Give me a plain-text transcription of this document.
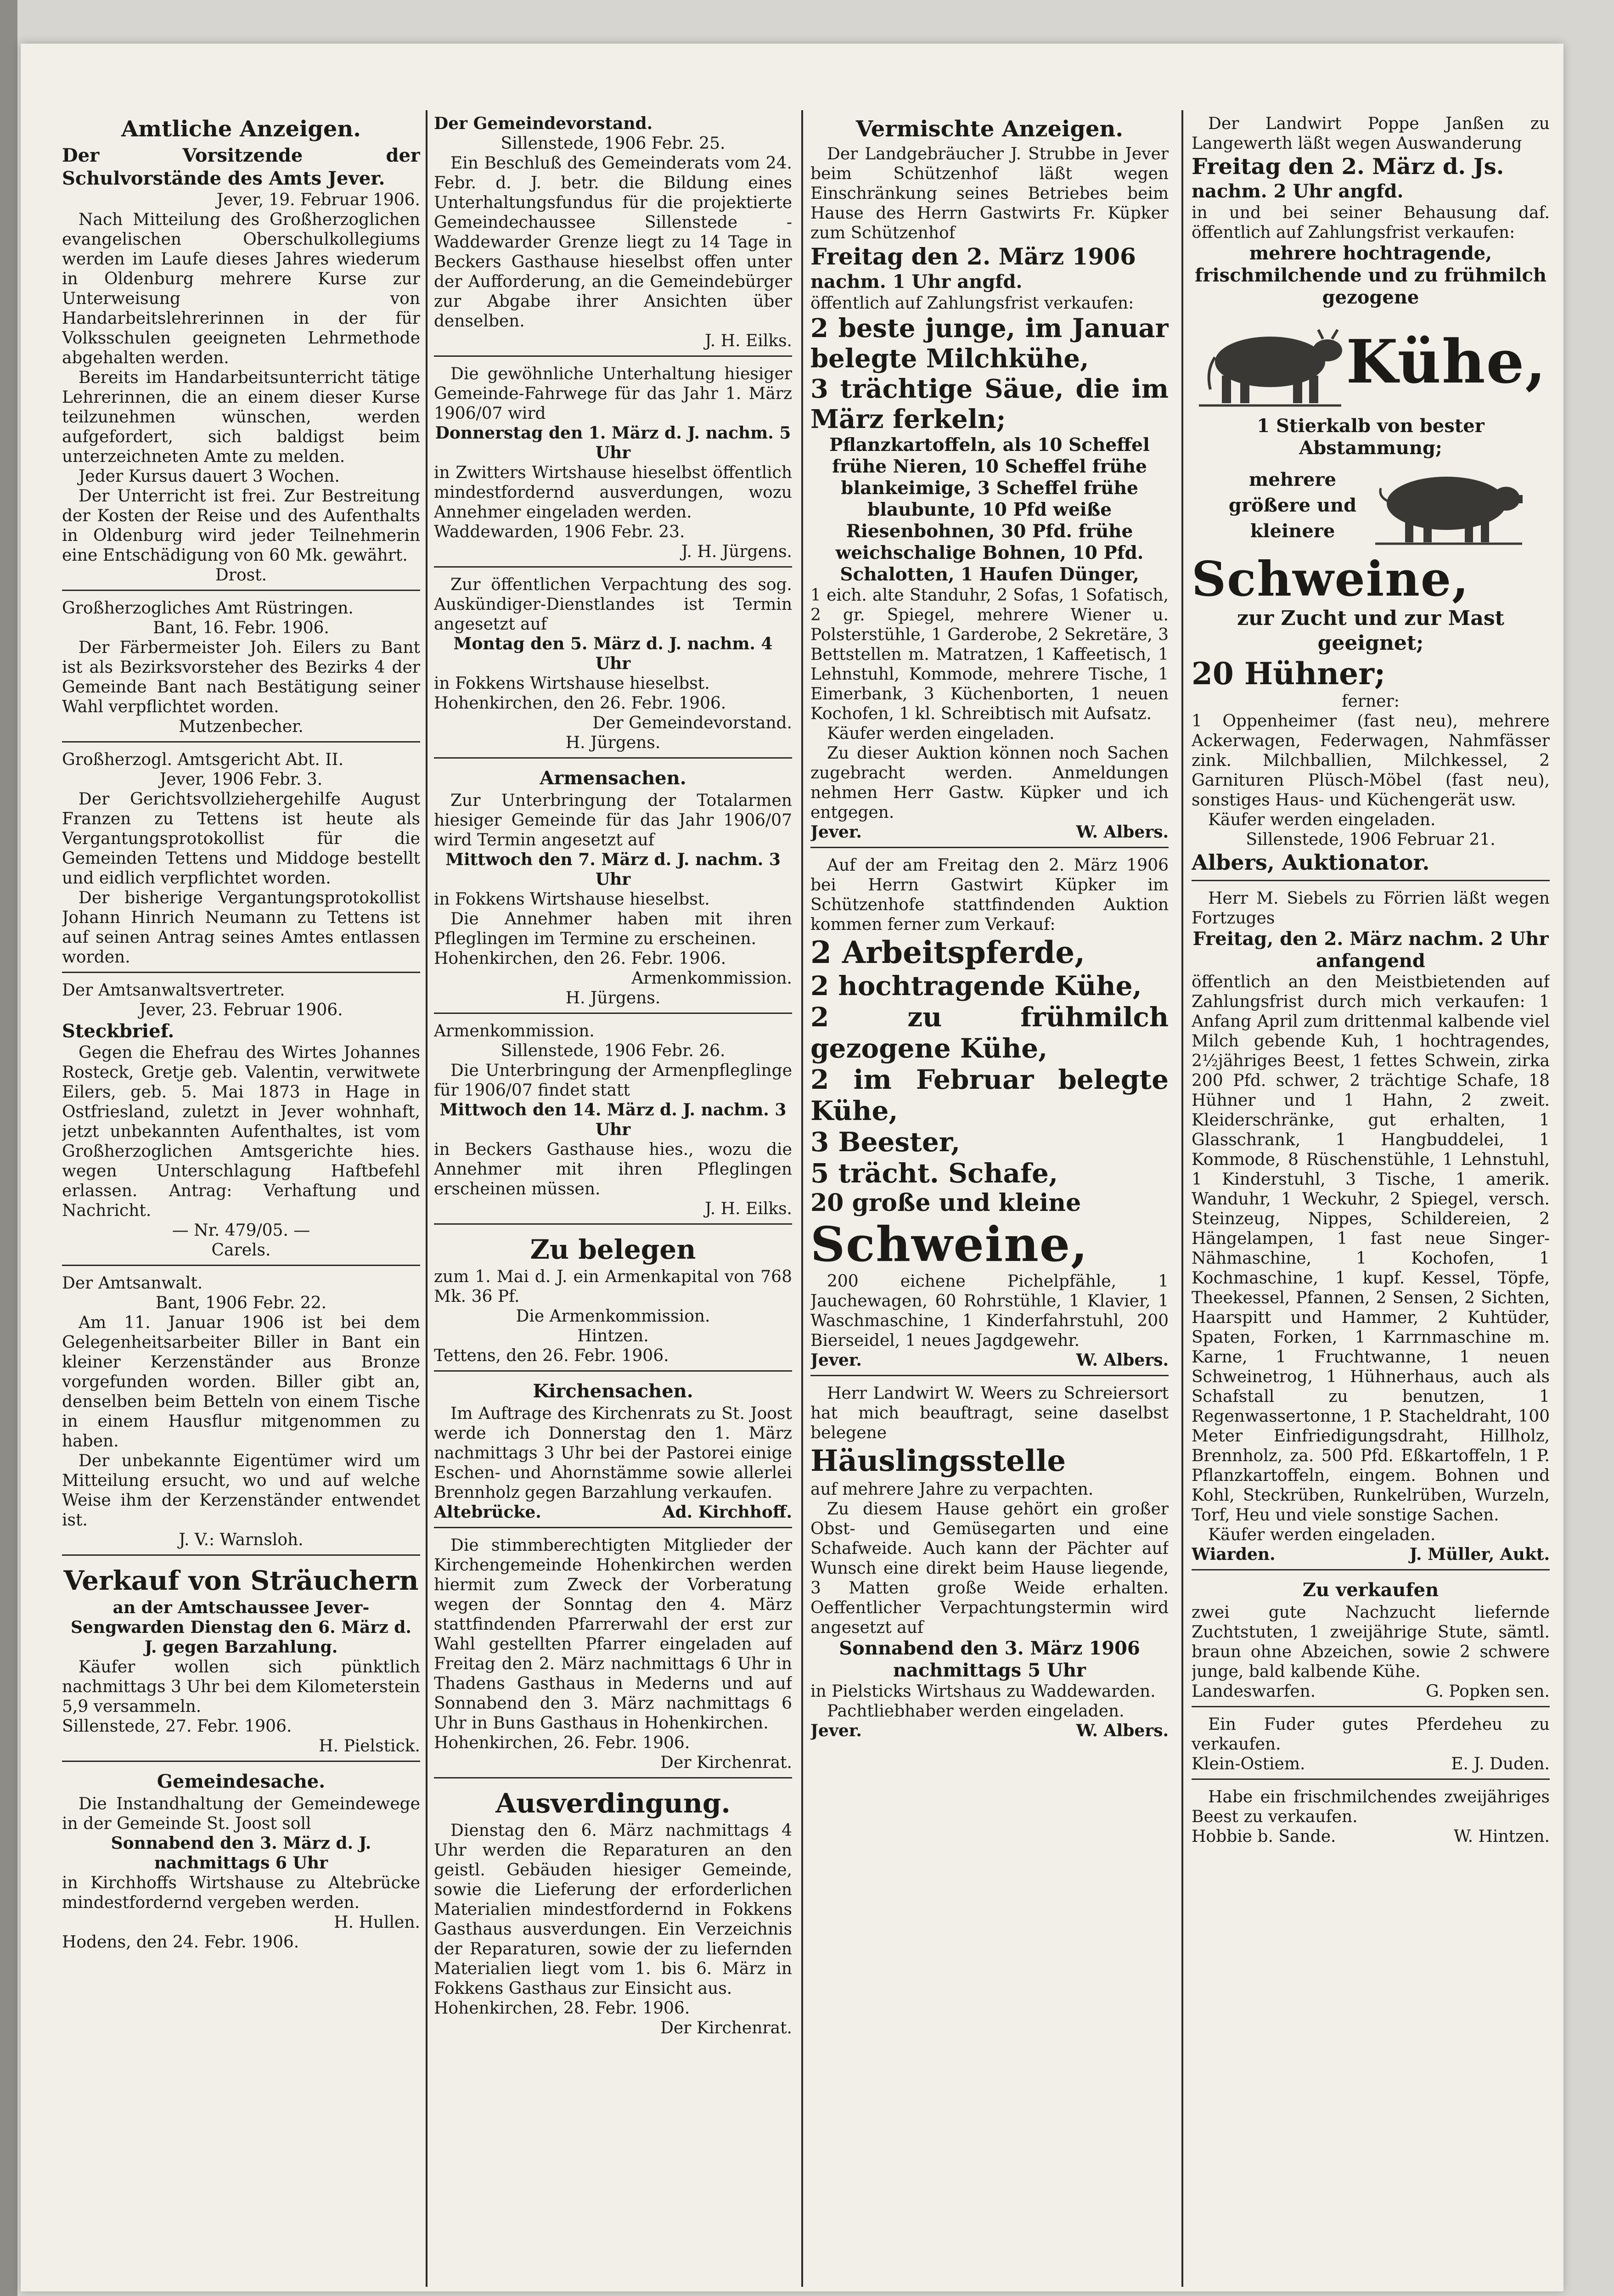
Amtliche Anzeigen.

Der Vorsitzende der Schulvorstände des Amts Jever.

Jever, 19. Februar 1906.

Nach Mitteilung des Großherzoglichen evangelischen Oberschulkollegiums werden im Laufe dieses Jahres wiederum in Oldenburg mehrere Kurse zur Unterweisung von Handarbeitslehrerinnen in der für Volksschulen geeigneten Lehrmethode abgehalten werden.

Bereits im Handarbeitsunterricht tätige Lehrerinnen, die an einem dieser Kurse teilzunehmen wünschen, werden aufgefordert, sich baldigst beim unterzeichneten Amte zu melden.

Jeder Kursus dauert 3 Wochen.

Der Unterricht ist frei. Zur Bestreitung der Kosten der Reise und des Aufenthalts in Oldenburg wird jeder Teilnehmerin eine Entschädigung von 60 Mk. gewährt.

Drost.

Großherzogliches Amt Rüstringen.

Bant, 16. Febr. 1906.

Der Färbermeister Joh. Eilers zu Bant ist als Bezirksvorsteher des Bezirks 4 der Gemeinde Bant nach Bestätigung seiner Wahl verpflichtet worden.

Mutzenbecher.

Großherzogl. Amtsgericht Abt. II.

Jever, 1906 Febr. 3.

Der Gerichtsvollziehergehilfe August Franzen zu Tettens ist heute als Vergantungsprotokollist für die Gemeinden Tettens und Middoge bestellt und eidlich verpflichtet worden.

Der bisherige Vergantungsprotokollist Johann Hinrich Neumann zu Tettens ist auf seinen Antrag seines Amtes entlassen worden.

Der Amtsanwaltsvertreter.

Jever, 23. Februar 1906.

Steckbrief.

Gegen die Ehefrau des Wirtes Johannes Rosteck, Gretje geb. Valentin, verwitwete Eilers, geb. 5. Mai 1873 in Hage in Ostfriesland, zuletzt in Jever wohnhaft, jetzt unbekannten Aufenthaltes, ist vom Großherzoglichen Amtsgerichte hies. wegen Unterschlagung Haftbefehl erlassen. Antrag: Verhaftung und Nachricht.

— Nr. 479/05. —

Carels.

Der Amtsanwalt.

Bant, 1906 Febr. 22.

Am 11. Januar 1906 ist bei dem Gelegenheitsarbeiter Biller in Bant ein kleiner Kerzenständer aus Bronze vorgefunden worden. Biller gibt an, denselben beim Betteln von einem Tische in einem Hausflur mitgenommen zu haben.

Der unbekannte Eigentümer wird um Mitteilung ersucht, wo und auf welche Weise ihm der Kerzenständer entwendet ist.

J. V.: Warnsloh.

Verkauf von Sträuchern

an der Amtschaussee Jever-Sengwarden Dienstag den 6. März d. J. gegen Barzahlung.

Käufer wollen sich pünktlich nachmittags 3 Uhr bei dem Kilometerstein 5,9 versammeln.

Sillenstede, 27. Febr. 1906.

H. Pielstick.

Gemeindesache.

Die Instandhaltung der Gemeindewege in der Gemeinde St. Joost soll

Sonnabend den 3. März d. J. nachmittags 6 Uhr

in Kirchhoffs Wirtshause zu Altebrücke mindestfordernd vergeben werden.

H. Hullen.

Hodens, den 24. Febr. 1906.

Der Gemeindevorstand.

Sillenstede, 1906 Febr. 25.

Ein Beschluß des Gemeinderats vom 24. Febr. d. J. betr. die Bildung eines Unterhaltungsfundus für die projektierte Gemeindechaussee Sillenstede - Waddewarder Grenze liegt zu 14 Tage in Beckers Gasthause hieselbst offen unter der Aufforderung, an die Gemeindebürger zur Abgabe ihrer Ansichten über denselben.

J. H. Eilks.

Die gewöhnliche Unterhaltung hiesiger Gemeinde-Fahrwege für das Jahr 1. März 1906/07 wird

Donnerstag den 1. März d. J. nachm. 5 Uhr

in Zwitters Wirtshause hieselbst öffentlich mindestfordernd ausverdungen, wozu Annehmer eingeladen werden.

Waddewarden, 1906 Febr. 23.

J. H. Jürgens.

Zur öffentlichen Verpachtung des sog. Auskündiger-Dienstlandes ist Termin angesetzt auf

Montag den 5. März d. J. nachm. 4 Uhr

in Fokkens Wirtshause hieselbst.

Hohenkirchen, den 26. Febr. 1906.

Der Gemeindevorstand.

H. Jürgens.

Armensachen.

Zur Unterbringung der Totalarmen hiesiger Gemeinde für das Jahr 1906/07 wird Termin angesetzt auf

Mittwoch den 7. März d. J. nachm. 3 Uhr

in Fokkens Wirtshause hieselbst.

Die Annehmer haben mit ihren Pfleglingen im Termine zu erscheinen.

Hohenkirchen, den 26. Febr. 1906.

Armenkommission.

H. Jürgens.

Armenkommission.

Sillenstede, 1906 Febr. 26.

Die Unterbringung der Armenpfleglinge für 1906/07 findet statt

Mittwoch den 14. März d. J. nachm. 3 Uhr

in Beckers Gasthause hies., wozu die Annehmer mit ihren Pfleglingen erscheinen müssen.

J. H. Eilks.

Zu belegen

zum 1. Mai d. J. ein Armenkapital von 768 Mk. 36 Pf.

Die Armenkommission.

Hintzen.

Tettens, den 26. Febr. 1906.

Kirchensachen.

Im Auftrage des Kirchenrats zu St. Joost werde ich Donnerstag den 1. März nachmittags 3 Uhr bei der Pastorei einige Eschen- und Ahornstämme sowie allerlei Brennholz gegen Barzahlung verkaufen.

Altebrücke.	Ad. Kirchhoff.

Die stimmberechtigten Mitglieder der Kirchengemeinde Hohenkirchen werden hiermit zum Zweck der Vorberatung wegen der Sonntag den 4. März stattfindenden Pfarrerwahl der erst zur Wahl gestellten Pfarrer eingeladen auf Freitag den 2. März nachmittags 6 Uhr in Thadens Gasthaus in Mederns und auf Sonnabend den 3. März nachmittags 6 Uhr in Buns Gasthaus in Hohenkirchen.

Hohenkirchen, 26. Febr. 1906.

Der Kirchenrat.

Ausverdingung.

Dienstag den 6. März nachmittags 4 Uhr werden die Reparaturen an den geistl. Gebäuden hiesiger Gemeinde, sowie die Lieferung der erforderlichen Materialien mindestfordernd in Fokkens Gasthaus ausverdungen. Ein Verzeichnis der Reparaturen, sowie der zu liefernden Materialien liegt vom 1. bis 6. März in Fokkens Gasthaus zur Einsicht aus.

Hohenkirchen, 28. Febr. 1906.

Der Kirchenrat.

Vermischte Anzeigen.

Der Landgebräucher J. Strubbe in Jever beim Schützenhof läßt wegen Einschränkung seines Betriebes beim Hause des Herrn Gastwirts Fr. Küpker zum Schützenhof

Freitag den 2. März 1906

nachm. 1 Uhr angfd.

öffentlich auf Zahlungsfrist verkaufen:

2 beste junge, im Januar belegte Milchkühe,

3 trächtige Säue, die im März ferkeln;

Pflanzkartoffeln, als 10 Scheffel frühe Nieren, 10 Scheffel frühe blankeimige, 3 Scheffel frühe blaubunte, 10 Pfd weiße Riesenbohnen, 30 Pfd. frühe weichschalige Bohnen, 10 Pfd. Schalotten, 1 Haufen Dünger,

1 eich. alte Standuhr, 2 Sofas, 1 Sofatisch, 2 gr. Spiegel, mehrere Wiener u. Polsterstühle, 1 Garderobe, 2 Sekretäre, 3 Bettstellen m. Matratzen, 1 Kaffeetisch, 1 Lehnstuhl, Kommode, mehrere Tische, 1 Eimerbank, 3 Küchenborten, 1 neuen Kochofen, 1 kl. Schreibtisch mit Aufsatz.

Käufer werden eingeladen.

Zu dieser Auktion können noch Sachen zugebracht werden. Anmeldungen nehmen Herr Gastw. Küpker und ich entgegen.

Jever.	W. Albers.

Auf der am Freitag den 2. März 1906 bei Herrn Gastwirt Küpker im Schützenhofe stattfindenden Auktion kommen ferner zum Verkauf:

2 Arbeitspferde,

2 hochtragende Kühe,

2 zu frühmilch gezogene Kühe,

2 im Februar belegte Kühe,

3 Beester,

5 trächt. Schafe,

20 große und kleine

Schweine,

200 eichene Pichelpfähle, 1 Jauchewagen, 60 Rohrstühle, 1 Klavier, 1 Waschmaschine, 1 Kinderfahrstuhl, 200 Bierseidel, 1 neues Jagdgewehr.

Jever.	W. Albers.

Herr Landwirt W. Weers zu Schreiersort hat mich beauftragt, seine daselbst belegene

Häuslingsstelle

auf mehrere Jahre zu verpachten.

Zu diesem Hause gehört ein großer Obst- und Gemüsegarten und eine Schafweide. Auch kann der Pächter auf Wunsch eine direkt beim Hause liegende, 3 Matten große Weide erhalten. Oeffentlicher Verpachtungstermin wird angesetzt auf

Sonnabend den 3. März 1906 nachmittags 5 Uhr

in Pielsticks Wirtshaus zu Waddewarden.

Pachtliebhaber werden eingeladen.

Jever.	W. Albers.

Der Landwirt Poppe Janßen zu Langewerth läßt wegen Auswanderung

Freitag den 2. März d. Js.

nachm. 2 Uhr angfd.

in und bei seiner Behausung daf. öffentlich auf Zahlungsfrist verkaufen:

mehrere hochtragende, frischmilchende und zu frühmilch gezogene

Kühe,

1 Stierkalb von bester Abstammung;

mehrere größere und kleinere

Schweine,

zur Zucht und zur Mast geeignet;

20 Hühner;

ferner:

1 Oppenheimer (fast neu), mehrere Ackerwagen, Federwagen, Nahmfässer zink. Milchballien, Milchkessel, 2 Garnituren Plüsch-Möbel (fast neu), sonstiges Haus- und Küchengerät usw.

Käufer werden eingeladen.

Sillenstede, 1906 Februar 21.

Albers, Auktionator.

Herr M. Siebels zu Förrien läßt wegen Fortzuges

Freitag, den 2. März nachm. 2 Uhr anfangend

öffentlich an den Meistbietenden auf Zahlungsfrist durch mich verkaufen: 1 Anfang April zum drittenmal kalbende viel Milch gebende Kuh, 1 hochtragendes, 2½jähriges Beest, 1 fettes Schwein, zirka 200 Pfd. schwer, 2 trächtige Schafe, 18 Hühner und 1 Hahn, 2 zweit. Kleiderschränke, gut erhalten, 1 Glasschrank, 1 Hangbuddelei, 1 Kommode, 8 Rüschenstühle, 1 Lehnstuhl, 1 Kinderstuhl, 3 Tische, 1 amerik. Wanduhr, 1 Weckuhr, 2 Spiegel, versch. Steinzeug, Nippes, Schildereien, 2 Hängelampen, 1 fast neue Singer-Nähmaschine, 1 Kochofen, 1 Kochmaschine, 1 kupf. Kessel, Töpfe, Theekessel, Pfannen, 2 Sensen, 2 Sichten, Haarspitt und Hammer, 2 Kuhtüder, Spaten, Forken, 1 Karrnmaschine m. Karne, 1 Fruchtwanne, 1 neuen Schweinetrog, 1 Hühnerhaus, auch als Schafstall zu benutzen, 1 Regenwassertonne, 1 P. Stacheldraht, 100 Meter Einfriedigungsdraht, Hillholz, Brennholz, za. 500 Pfd. Eßkartoffeln, 1 P. Pflanzkartoffeln, eingem. Bohnen und Kohl, Steckrüben, Runkelrüben, Wurzeln, Torf, Heu und viele sonstige Sachen.

Käufer werden eingeladen.

Wiarden.	J. Müller, Aukt.
Zu verkaufen

zwei gute Nachzucht liefernde Zuchtstuten, 1 zweijährige Stute, sämtl. braun ohne Abzeichen, sowie 2 schwere junge, bald kalbende Kühe.

Landeswarfen.	G. Popken sen.

Ein Fuder gutes Pferdeheu zu verkaufen.

Klein-Ostiem.	E. J. Duden.

Habe ein frischmilchendes zweijähriges Beest zu verkaufen.

Hobbie b. Sande.	W. Hintzen.
